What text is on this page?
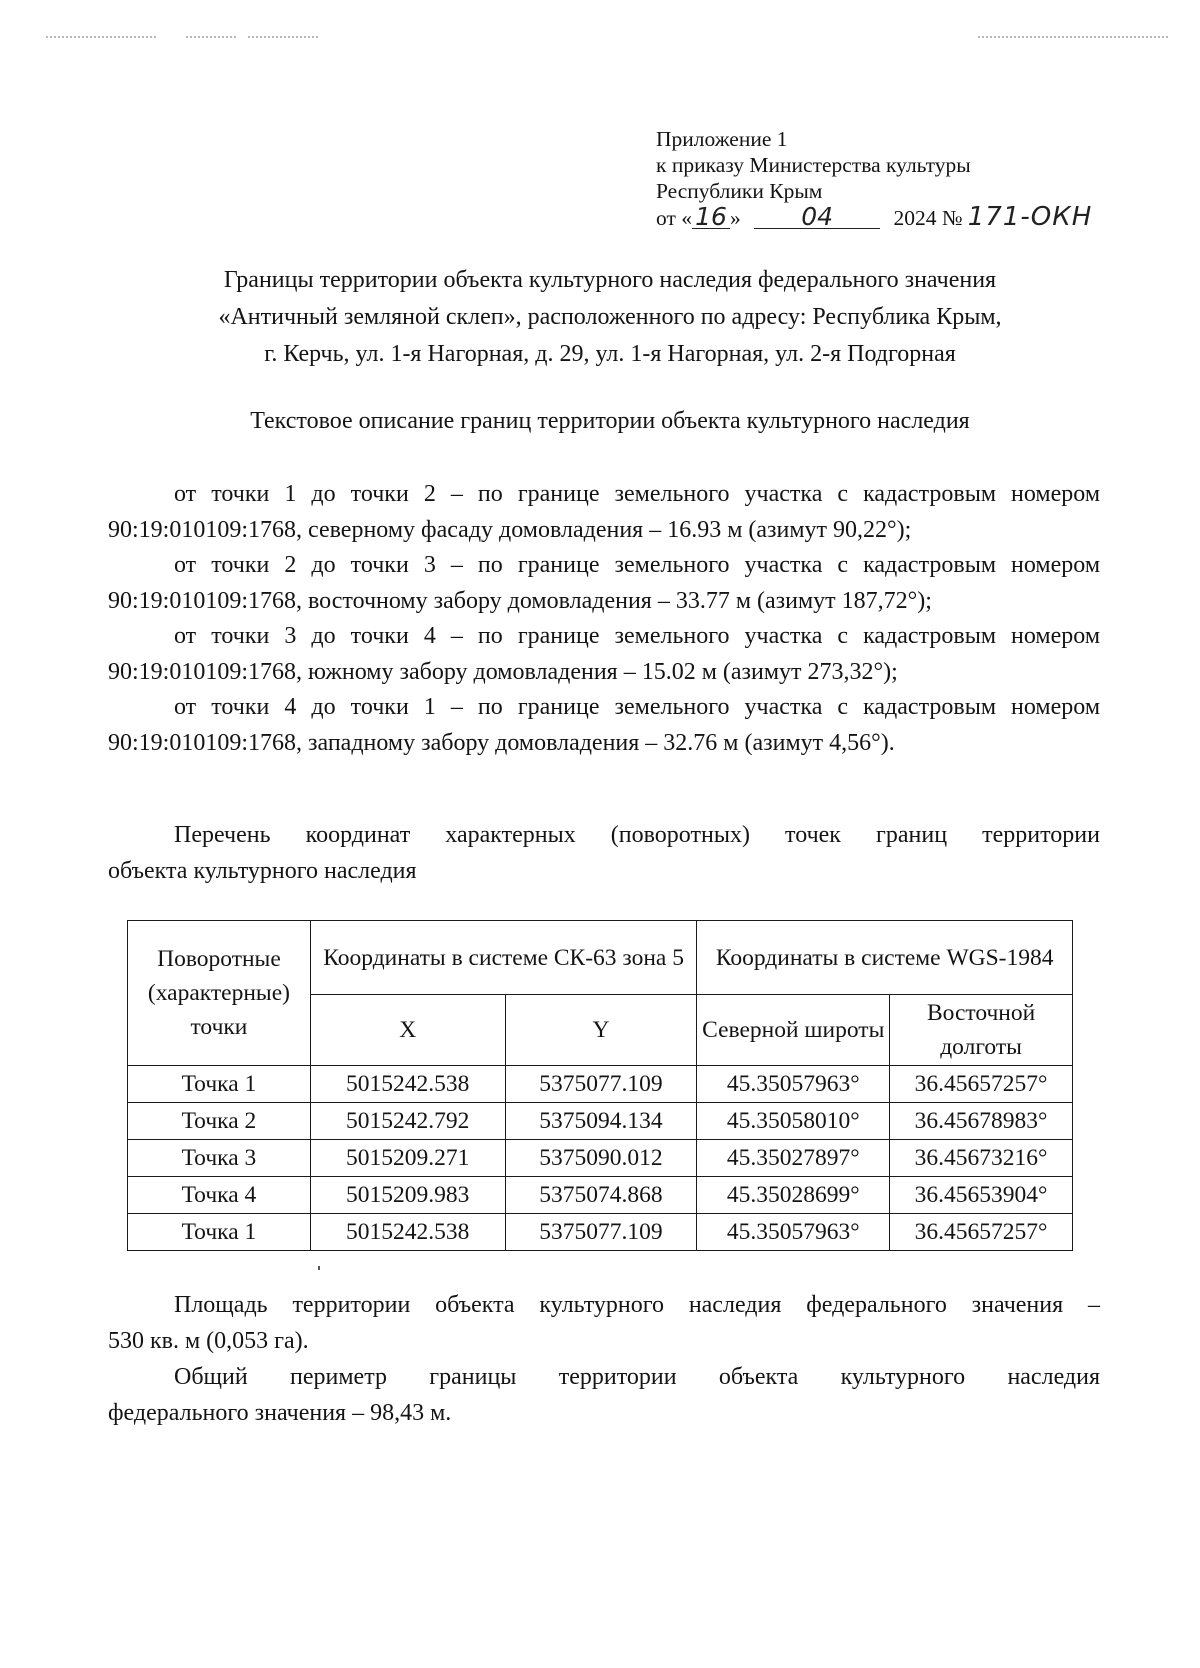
Приложение 1
к приказу Министерства культуры
Республики Крым
от « 16 » 04	2024 № 171-ОКН
Границы территории объекта культурного наследия федерального значения
«Античный земляной склеп», расположенного по адресу: Республика Крым,
г. Керчь, ул. 1-я Нагорная, д. 29, ул. 1-я Нагорная, ул. 2-я Подгорная
Текстовое описание границ территории объекта культурного наследия
от точки 1 до точки 2 – по границе земельного участка с кадастровым номером
90:19:010109:1768, северному фасаду домовладения – 16.93 м (азимут 90,22°);
от точки 2 до точки 3 – по границе земельного участка с кадастровым номером
90:19:010109:1768, восточному забору домовладения – 33.77 м (азимут 187,72°);
от точки 3 до точки 4 – по границе земельного участка с кадастровым номером
90:19:010109:1768, южному забору домовладения – 15.02 м (азимут 273,32°);
от точки 4 до точки 1 – по границе земельного участка с кадастровым номером
90:19:010109:1768, западному забору домовладения – 32.76 м (азимут 4,56°).
Перечень координат характерных (поворотных) точек границ территории
объекта культурного наследия
Поворотные (характерные) точки	Координаты в системе СК-63 зона 5		Координаты в системе WGS-1984	
	X	Y	Северной широты	Восточной долготы
Точка 1	5015242.538	5375077.109	45.35057963°	36.45657257°
Точка 2	5015242.792	5375094.134	45.35058010°	36.45678983°
Точка 3	5015209.271	5375090.012	45.35027897°	36.45673216°
Точка 4	5015209.983	5375074.868	45.35028699°	36.45653904°
Точка 1	5015242.538	5375077.109	45.35057963°	36.45657257°
Площадь территории объекта культурного наследия федерального значения –
530 кв. м (0,053 га).
Общий периметр границы территории объекта культурного наследия
федерального значения – 98,43 м.
